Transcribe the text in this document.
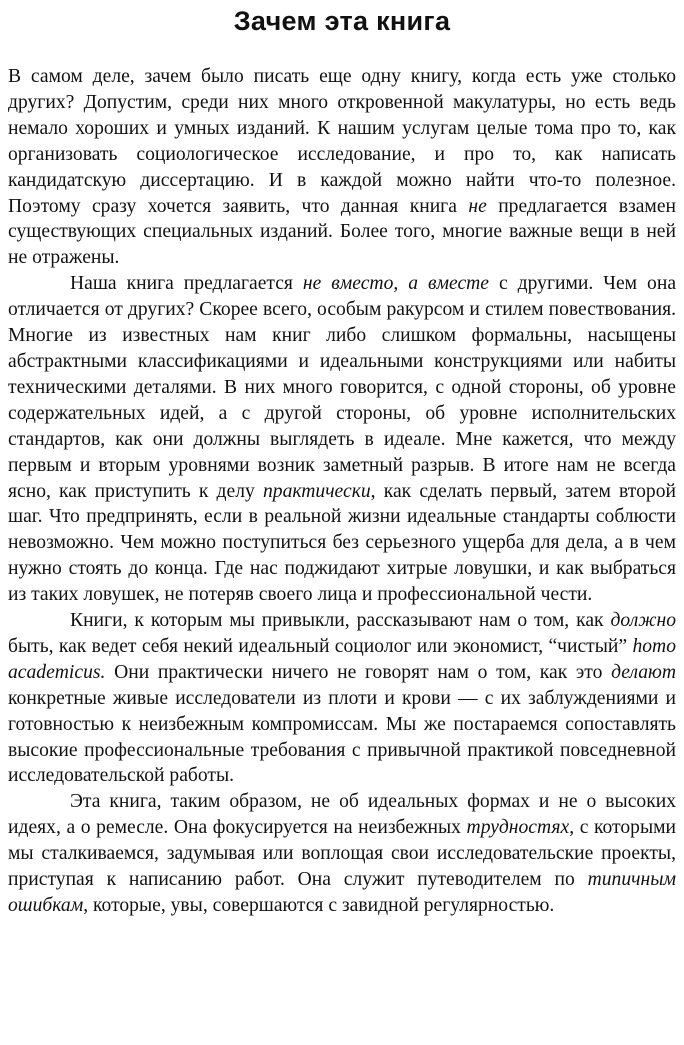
Зачем эта книга

В самом деле, зачем было писать еще одну книгу, когда есть уже столько других? Допустим, среди них много откровенной макулатуры, но есть ведь немало хороших и умных изданий. К нашим услугам целые тома про то, как организовать социологическое исследование, и про то, как написать кандидатскую диссертацию. И в каждой можно найти что-то полезное. Поэтому сразу хочется заявить, что данная книга не предлагается взамен существующих специальных изданий. Более того, многие важные вещи в ней не отражены.

Наша книга предлагается не вместо, а вместе с другими. Чем она отличается от других? Скорее всего, особым ракурсом и стилем повествования. Многие из известных нам книг либо слишком формальны, насыщены абстрактными классификациями и идеальными конструкциями или набиты техническими деталями. В них много говорится, с одной стороны, об уровне содержательных идей, а с другой стороны, об уровне исполнительских стандартов, как они должны выглядеть в идеале. Мне кажется, что между первым и вторым уровнями возник заметный разрыв. В итоге нам не всегда ясно, как приступить к делу практически, как сделать первый, затем второй шаг. Что предпринять, если в реальной жизни идеальные стандарты соблюсти невозможно. Чем можно поступиться без серьезного ущерба для дела, а в чем нужно стоять до конца. Где нас поджидают хитрые ловушки, и как выбраться из таких ловушек, не потеряв своего лица и профессиональной чести.

Книги, к которым мы привыкли, рассказывают нам о том, как должно быть, как ведет себя некий идеальный социолог или экономист, “чистый” homo academicus. Они практически ничего не говорят нам о том, как это делают конкретные живые исследователи из плоти и крови — с их заблуждениями и готовностью к неизбежным компромиссам. Мы же постараемся сопоставлять высокие профессиональные требования с привычной практикой повседневной исследовательской работы.

Эта книга, таким образом, не об идеальных формах и не о высоких идеях, а о ремесле. Она фокусируется на неизбежных трудностях, с которыми мы сталкиваемся, задумывая или воплощая свои исследовательские проекты, приступая к написанию работ. Она служит путеводителем по типичным ошибкам, которые, увы, совершаются с завидной регулярностью.
